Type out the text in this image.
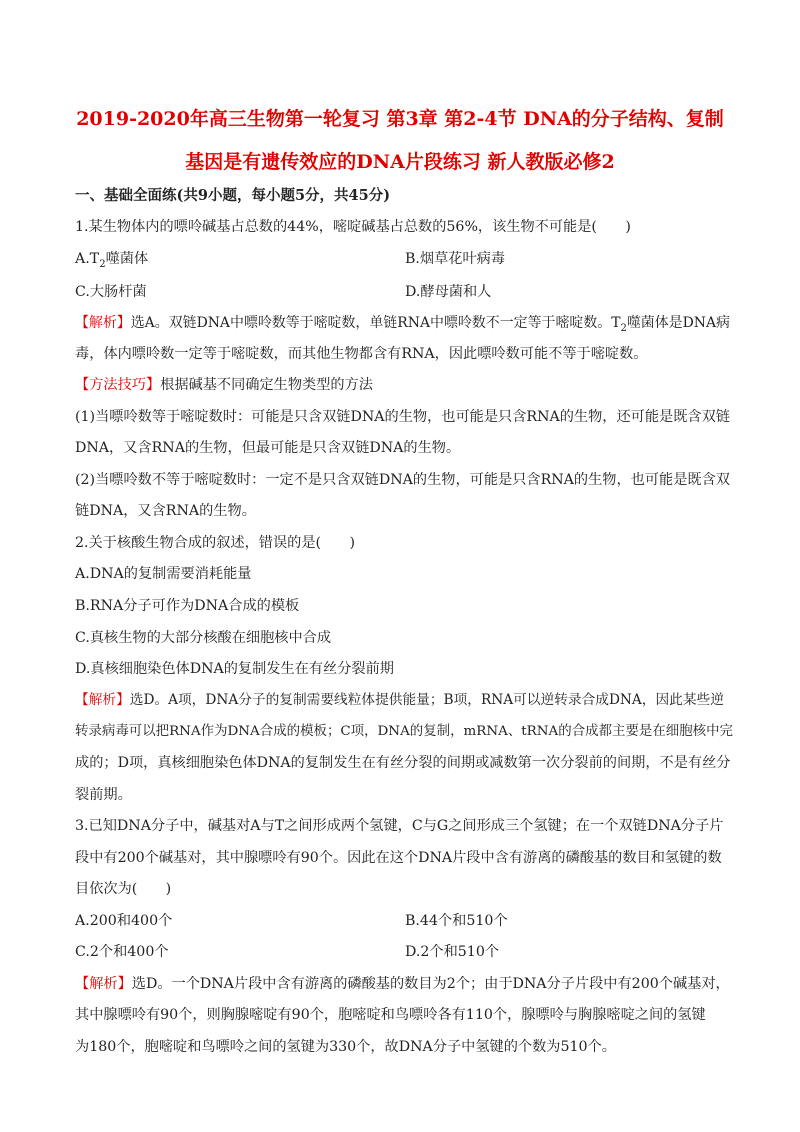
2019-2020年高三生物第一轮复习 第3章 第2-4节 DNA的分子结构、复制
基因是有遗传效应的DNA片段练习 新人教版必修2
一、基础全面练(共9小题，每小题5分，共45分)
1.某生物体内的嘌呤碱基占总数的44%，嘧啶碱基占总数的56%，该生物不可能是(　　)
$A.T_2$噬菌体	B.烟草花叶病毒
C.大肠杆菌	D.酵母菌和人
【解析】选A。双链DNA中嘌呤数等于嘧啶数，单链RNA中嘌呤数不一定等于嘧啶数。$T_2$噬菌体是DNA病
毒，体内嘌呤数一定等于嘧啶数，而其他生物都含有RNA，因此嘌呤数可能不等于嘧啶数。
【方法技巧】根据碱基不同确定生物类型的方法
(1)当嘌呤数等于嘧啶数时：可能是只含双链DNA的生物，也可能是只含RNA的生物，还可能是既含双链
DNA，又含RNA的生物，但最可能是只含双链DNA的生物。
(2)当嘌呤数不等于嘧啶数时：一定不是只含双链DNA的生物，可能是只含RNA的生物，也可能是既含双
链DNA，又含RNA的生物。
2.关于核酸生物合成的叙述，错误的是(　　)
A.DNA的复制需要消耗能量
B.RNA分子可作为DNA合成的模板
C.真核生物的大部分核酸在细胞核中合成
D.真核细胞染色体DNA的复制发生在有丝分裂前期
【解析】选D。A项，DNA分子的复制需要线粒体提供能量；B项，RNA可以逆转录合成DNA，因此某些逆
转录病毒可以把RNA作为DNA合成的模板；C项，DNA的复制，mRNA、tRNA的合成都主要是在细胞核中完
成的；D项，真核细胞染色体DNA的复制发生在有丝分裂的间期或减数第一次分裂前的间期，不是有丝分
裂前期。
3.已知DNA分子中，碱基对A与T之间形成两个氢键，C与G之间形成三个氢键；在一个双链DNA分子片
段中有200个碱基对，其中腺嘌呤有90个。因此在这个DNA片段中含有游离的磷酸基的数目和氢键的数
目依次为(　　)
A.200和400个	B.44个和510个
C.2个和400个	D.2个和510个
【解析】选D。一个DNA片段中含有游离的磷酸基的数目为2个；由于DNA分子片段中有200个碱基对，
其中腺嘌呤有90个，则胸腺嘧啶有90个，胞嘧啶和鸟嘌呤各有110个，腺嘌呤与胸腺嘧啶之间的氢键
为180个，胞嘧啶和鸟嘌呤之间的氢键为330个，故DNA分子中氢键的个数为510个。
